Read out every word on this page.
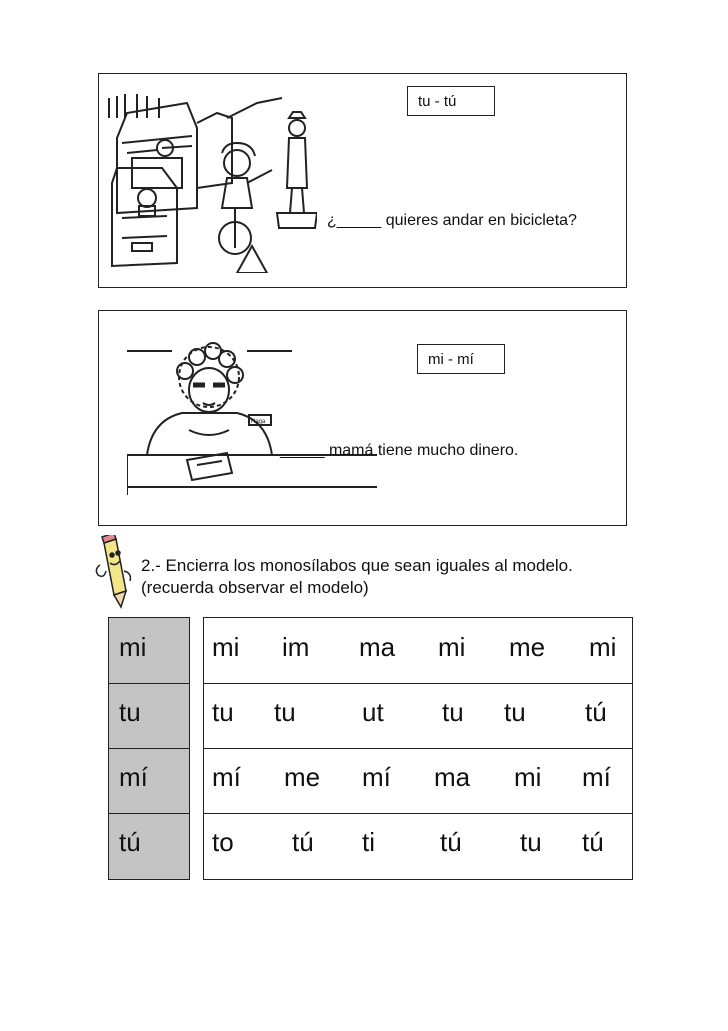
tu - tú
¿_____ quieres andar en bicicleta?
Haga
mi - mí
_____ mamá tiene mucho dinero.
2.- Encierra los monosílabos que sean iguales al modelo.
(recuerda observar el modelo)
mi
tu
mí
tú
mi im ma mi me mi
tu tu	ut tu tu tú
mí me mí ma mi mí
to tú ti	tú tu tú
